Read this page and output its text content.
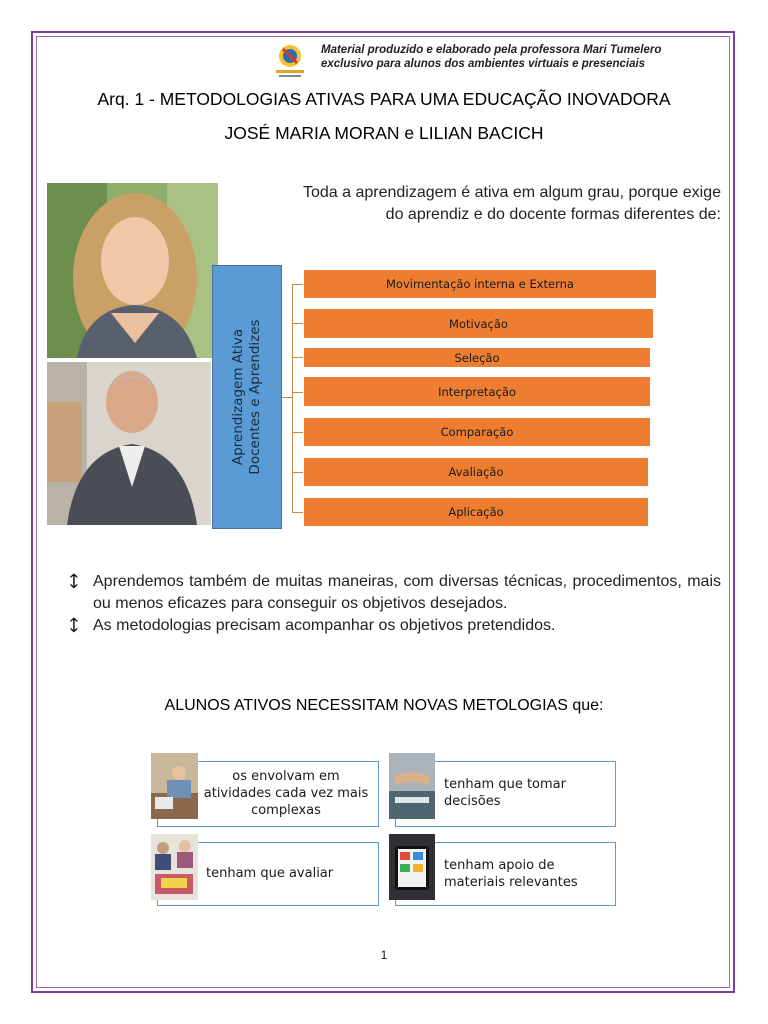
Material produzido e elaborado pela professora Mari Tumelero
exclusivo para alunos dos ambientes virtuais e presenciais
Arq. 1 - METODOLOGIAS ATIVAS PARA UMA EDUCAÇÃO INOVADORA
JOSÉ MARIA MORAN e LILIAN BACICH
Toda a aprendizagem é ativa em algum grau, porque exige
do aprendiz e do docente formas diferentes de:
Aprendizagem Ativa Docentes e Aprendizes
Movimentação interna e Externa
Motivação
Seleção
Interpretação
Comparação
Avaliação
Aplicação
🡙 Aprendemos também de muitas maneiras, com diversas técnicas, procedimentos, mais ou menos eficazes para conseguir os objetivos desejados.
🡙 As metodologias precisam acompanhar os objetivos pretendidos.
ALUNOS ATIVOS NECESSITAM NOVAS METOLOGIAS que:
os envolvam em atividades cada vez mais complexas
tenham que tomar decisões
tenham que avaliar
tenham apoio de materiais relevantes
1
